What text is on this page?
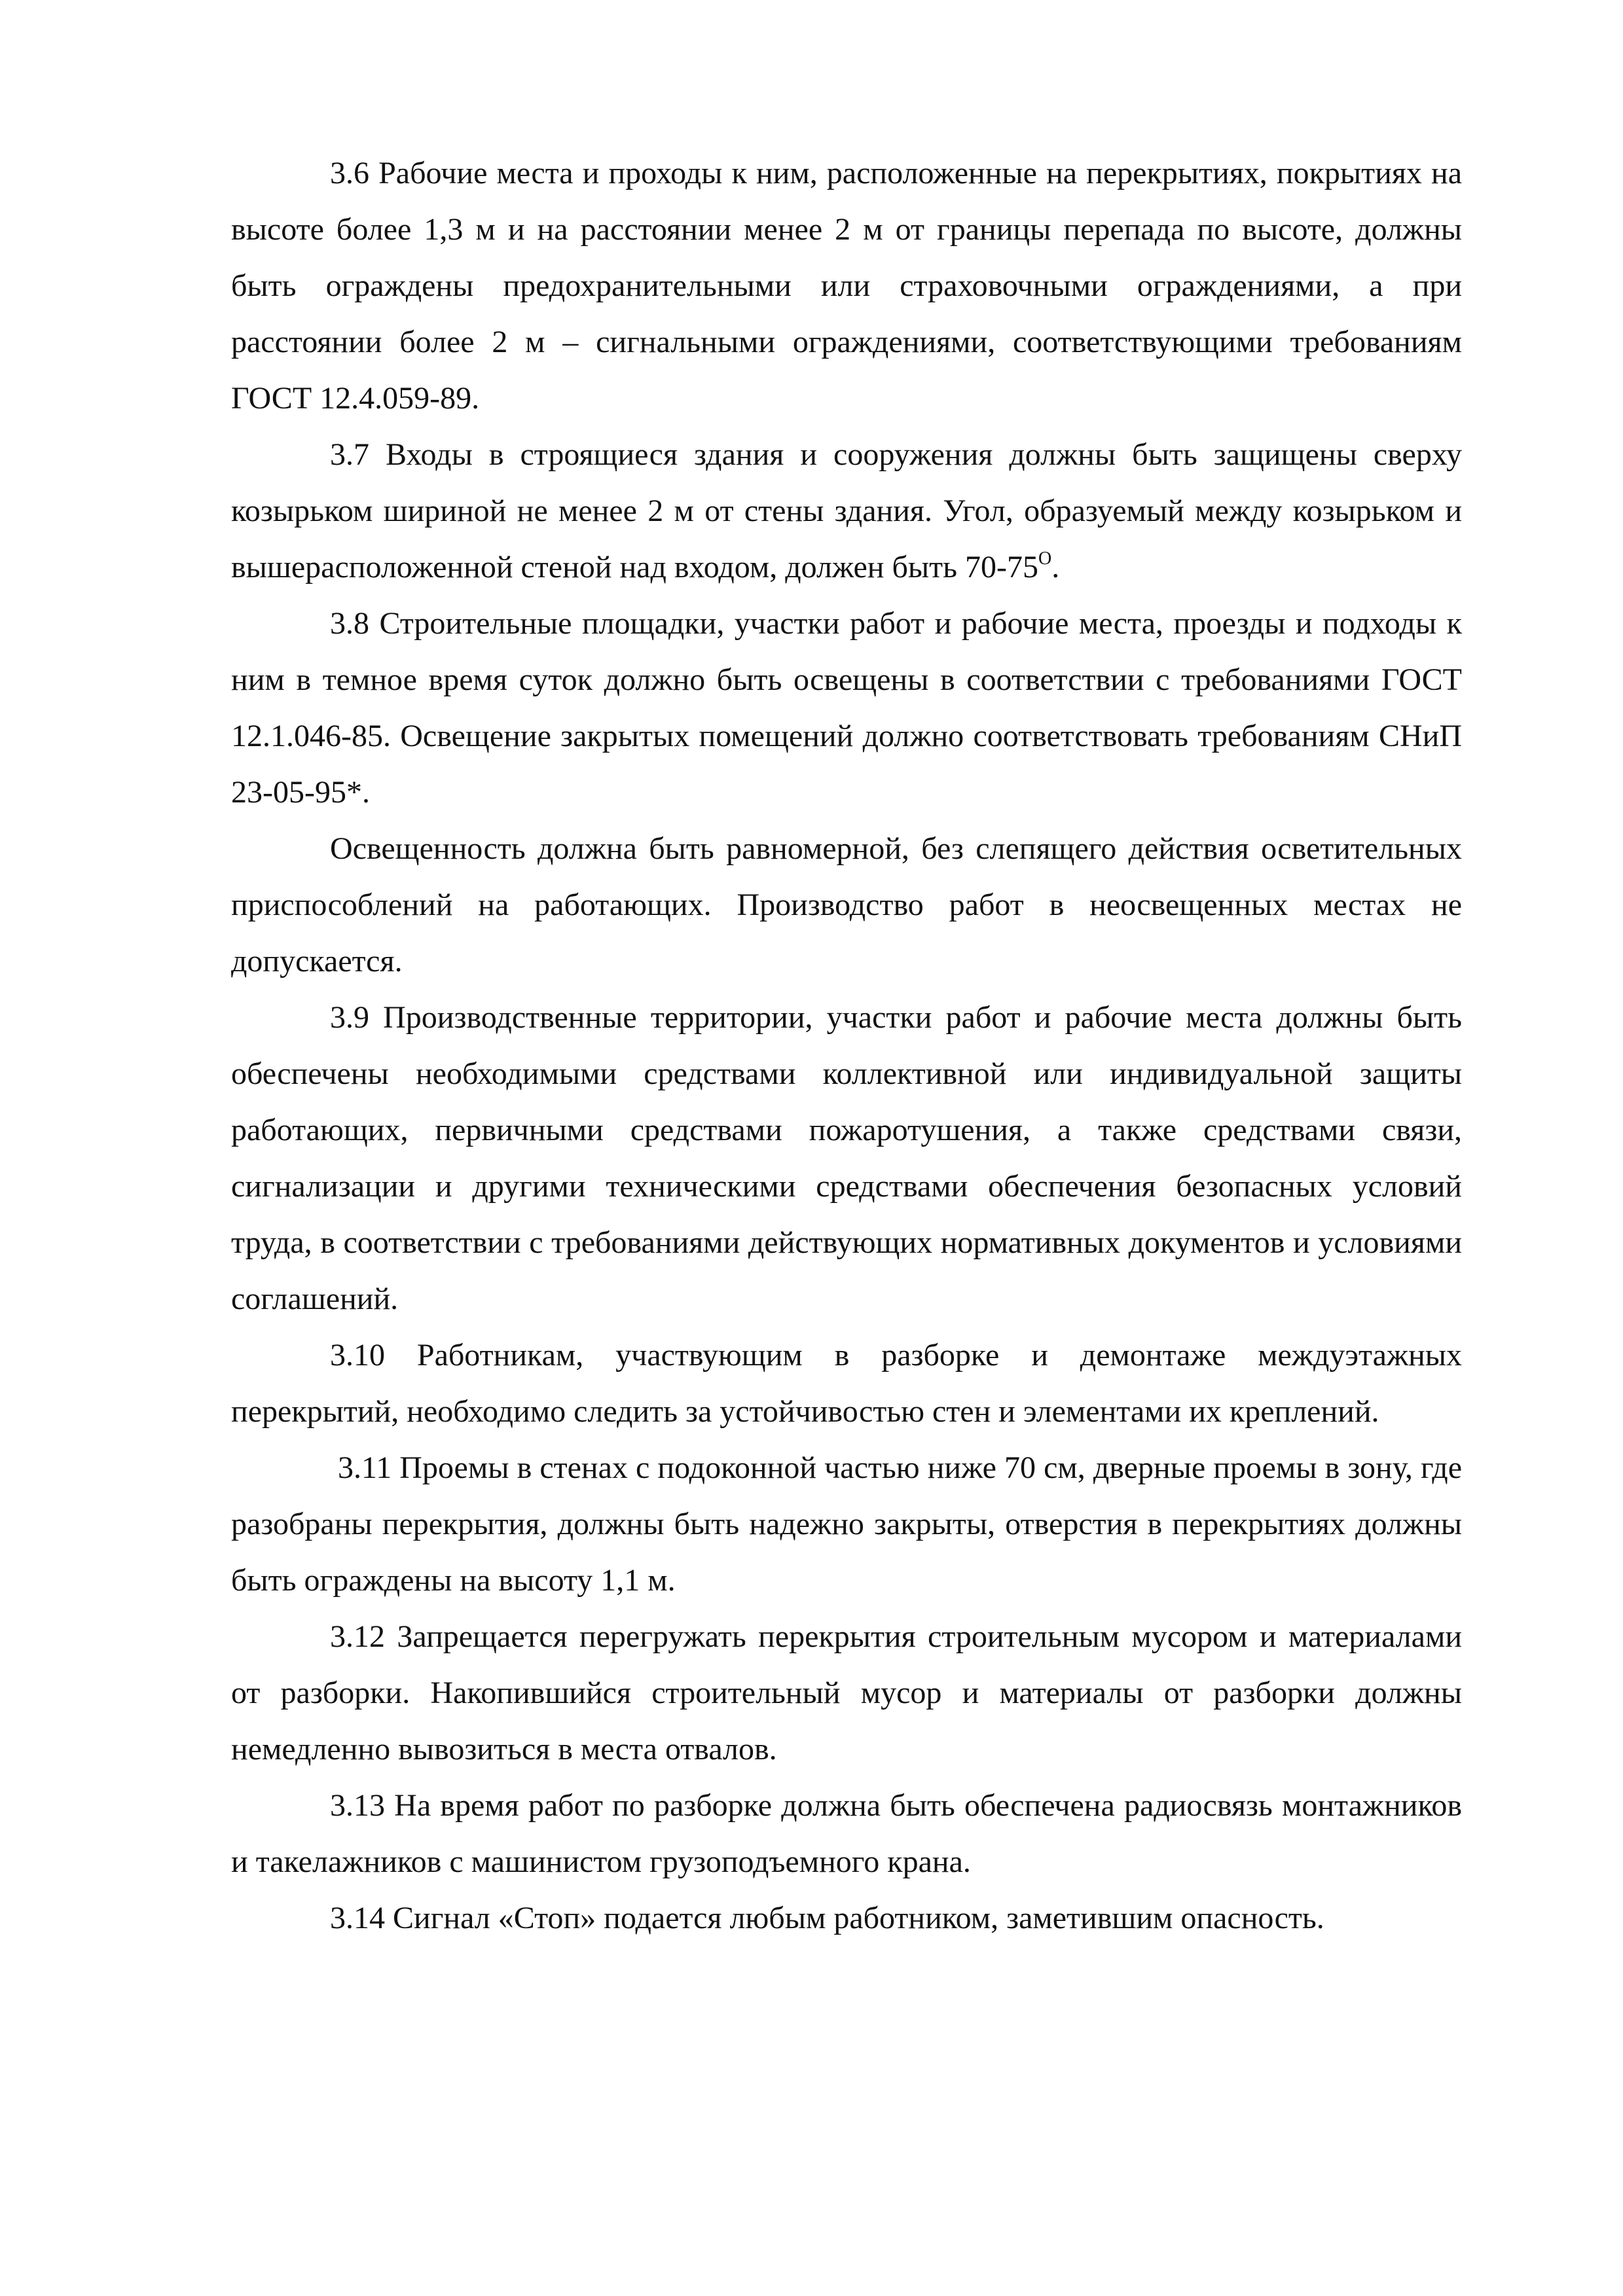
3.6 Рабочие места и проходы к ним, расположенные на перекрытиях, покрытиях на высоте более 1,3 м и на расстоянии менее 2 м от границы перепада по высоте, должны быть ограждены предохранительными или страховочными ограждениями, а при расстоянии более 2 м – сигнальными ограждениями, соответствующими требованиям ГОСТ 12.4.059-89.

3.7 Входы в строящиеся здания и сооружения должны быть защищены сверху козырьком шириной не менее 2 м от стены здания. Угол, образуемый между козырьком и вышерасположенной стеной над входом, должен быть $70-75^O$.

3.8 Строительные площадки, участки работ и рабочие места, проезды и подходы к ним в темное время суток должно быть освещены в соответствии с требованиями ГОСТ 12.1.046-85. Освещение закрытых помещений должно соответствовать требованиям СНиП 23-05-95*.

Освещенность должна быть равномерной, без слепящего действия осветительных приспособлений на работающих. Производство работ в неосвещенных местах не допускается.

3.9 Производственные территории, участки работ и рабочие места должны быть обеспечены необходимыми средствами коллективной или индивидуальной защиты работающих, первичными средствами пожаротушения, а также средствами связи, сигнализации и другими техническими средствами обеспечения безопасных условий труда, в соответствии с требованиями действующих нормативных документов и условиями соглашений.

3.10 Работникам, участвующим в разборке и демонтаже междуэтажных перекрытий, необходимо следить за устойчивостью стен и элементами их креплений.

3.11 Проемы в стенах с подоконной частью ниже 70 см, дверные проемы в зону, где разобраны перекрытия, должны быть надежно закрыты, отверстия в перекрытиях должны быть ограждены на высоту 1,1 м.

3.12 Запрещается перегружать перекрытия строительным мусором и материалами от разборки. Накопившийся строительный мусор и материалы от разборки должны немедленно вывозиться в места отвалов.

3.13 На время работ по разборке должна быть обеспечена радиосвязь монтажников и такелажников с машинистом грузоподъемного крана.

3.14 Сигнал «Стоп» подается любым работником, заметившим опасность.
